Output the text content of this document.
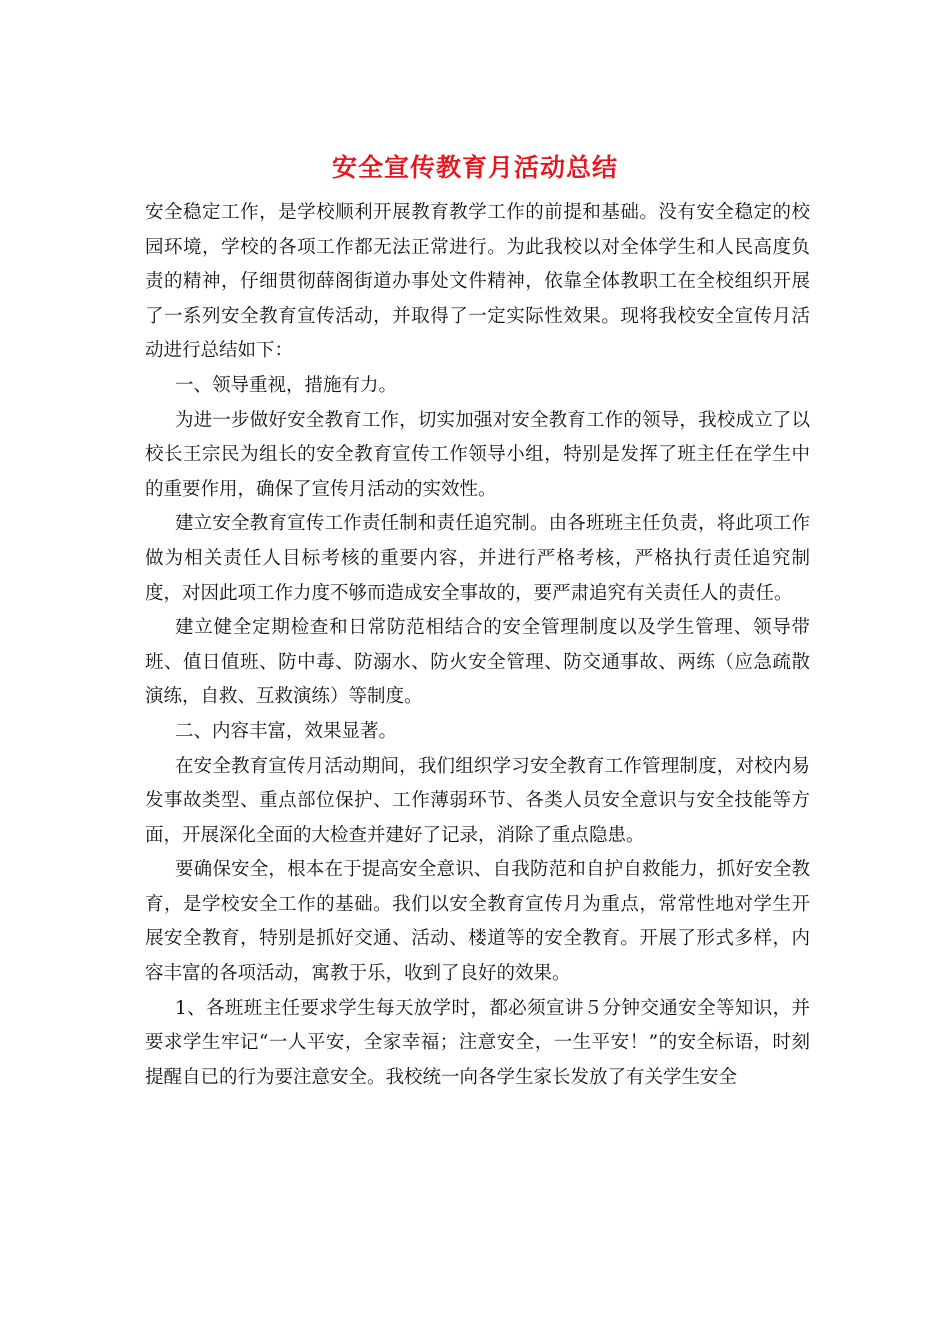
安全宣传教育月活动总结

安全稳定工作，是学校顺利开展教育教学工作的前提和基础。没有安全稳定的校园环境，学校的各项工作都无法正常进行。为此我校以对全体学生和人民高度负责的精神，仔细贯彻薛阁街道办事处文件精神，依靠全体教职工在全校组织开展了一系列安全教育宣传活动，并取得了一定实际性效果。现将我校安全宣传月活动进行总结如下：

一、领导重视，措施有力。

为进一步做好安全教育工作，切实加强对安全教育工作的领导，我校成立了以校长王宗民为组长的安全教育宣传工作领导小组，特别是发挥了班主任在学生中的重要作用，确保了宣传月活动的实效性。

建立安全教育宣传工作责任制和责任追究制。由各班班主任负责，将此项工作做为相关责任人目标考核的重要内容，并进行严格考核，严格执行责任追究制度，对因此项工作力度不够而造成安全事故的，要严肃追究有关责任人的责任。

建立健全定期检查和日常防范相结合的安全管理制度以及学生管理、领导带班、值日值班、防中毒、防溺水、防火安全管理、防交通事故、两练（应急疏散演练，自救、互救演练）等制度。

二、内容丰富，效果显著。

在安全教育宣传月活动期间，我们组织学习安全教育工作管理制度，对校内易发事故类型、重点部位保护、工作薄弱环节、各类人员安全意识与安全技能等方面，开展深化全面的大检查并建好了记录，消除了重点隐患。

要确保安全，根本在于提高安全意识、自我防范和自护自救能力，抓好安全教育，是学校安全工作的基础。我们以安全教育宣传月为重点，常常性地对学生开展安全教育，特别是抓好交通、活动、楼道等的安全教育。开展了形式多样，内容丰富的各项活动，寓教于乐，收到了良好的效果。

1、各班班主任要求学生每天放学时，都必须宣讲５分钟交通安全等知识，并要求学生牢记“一人平安，全家幸福；注意安全，一生平安！”的安全标语，时刻提醒自已的行为要注意安全。我校统一向各学生家长发放了有关学生安全
